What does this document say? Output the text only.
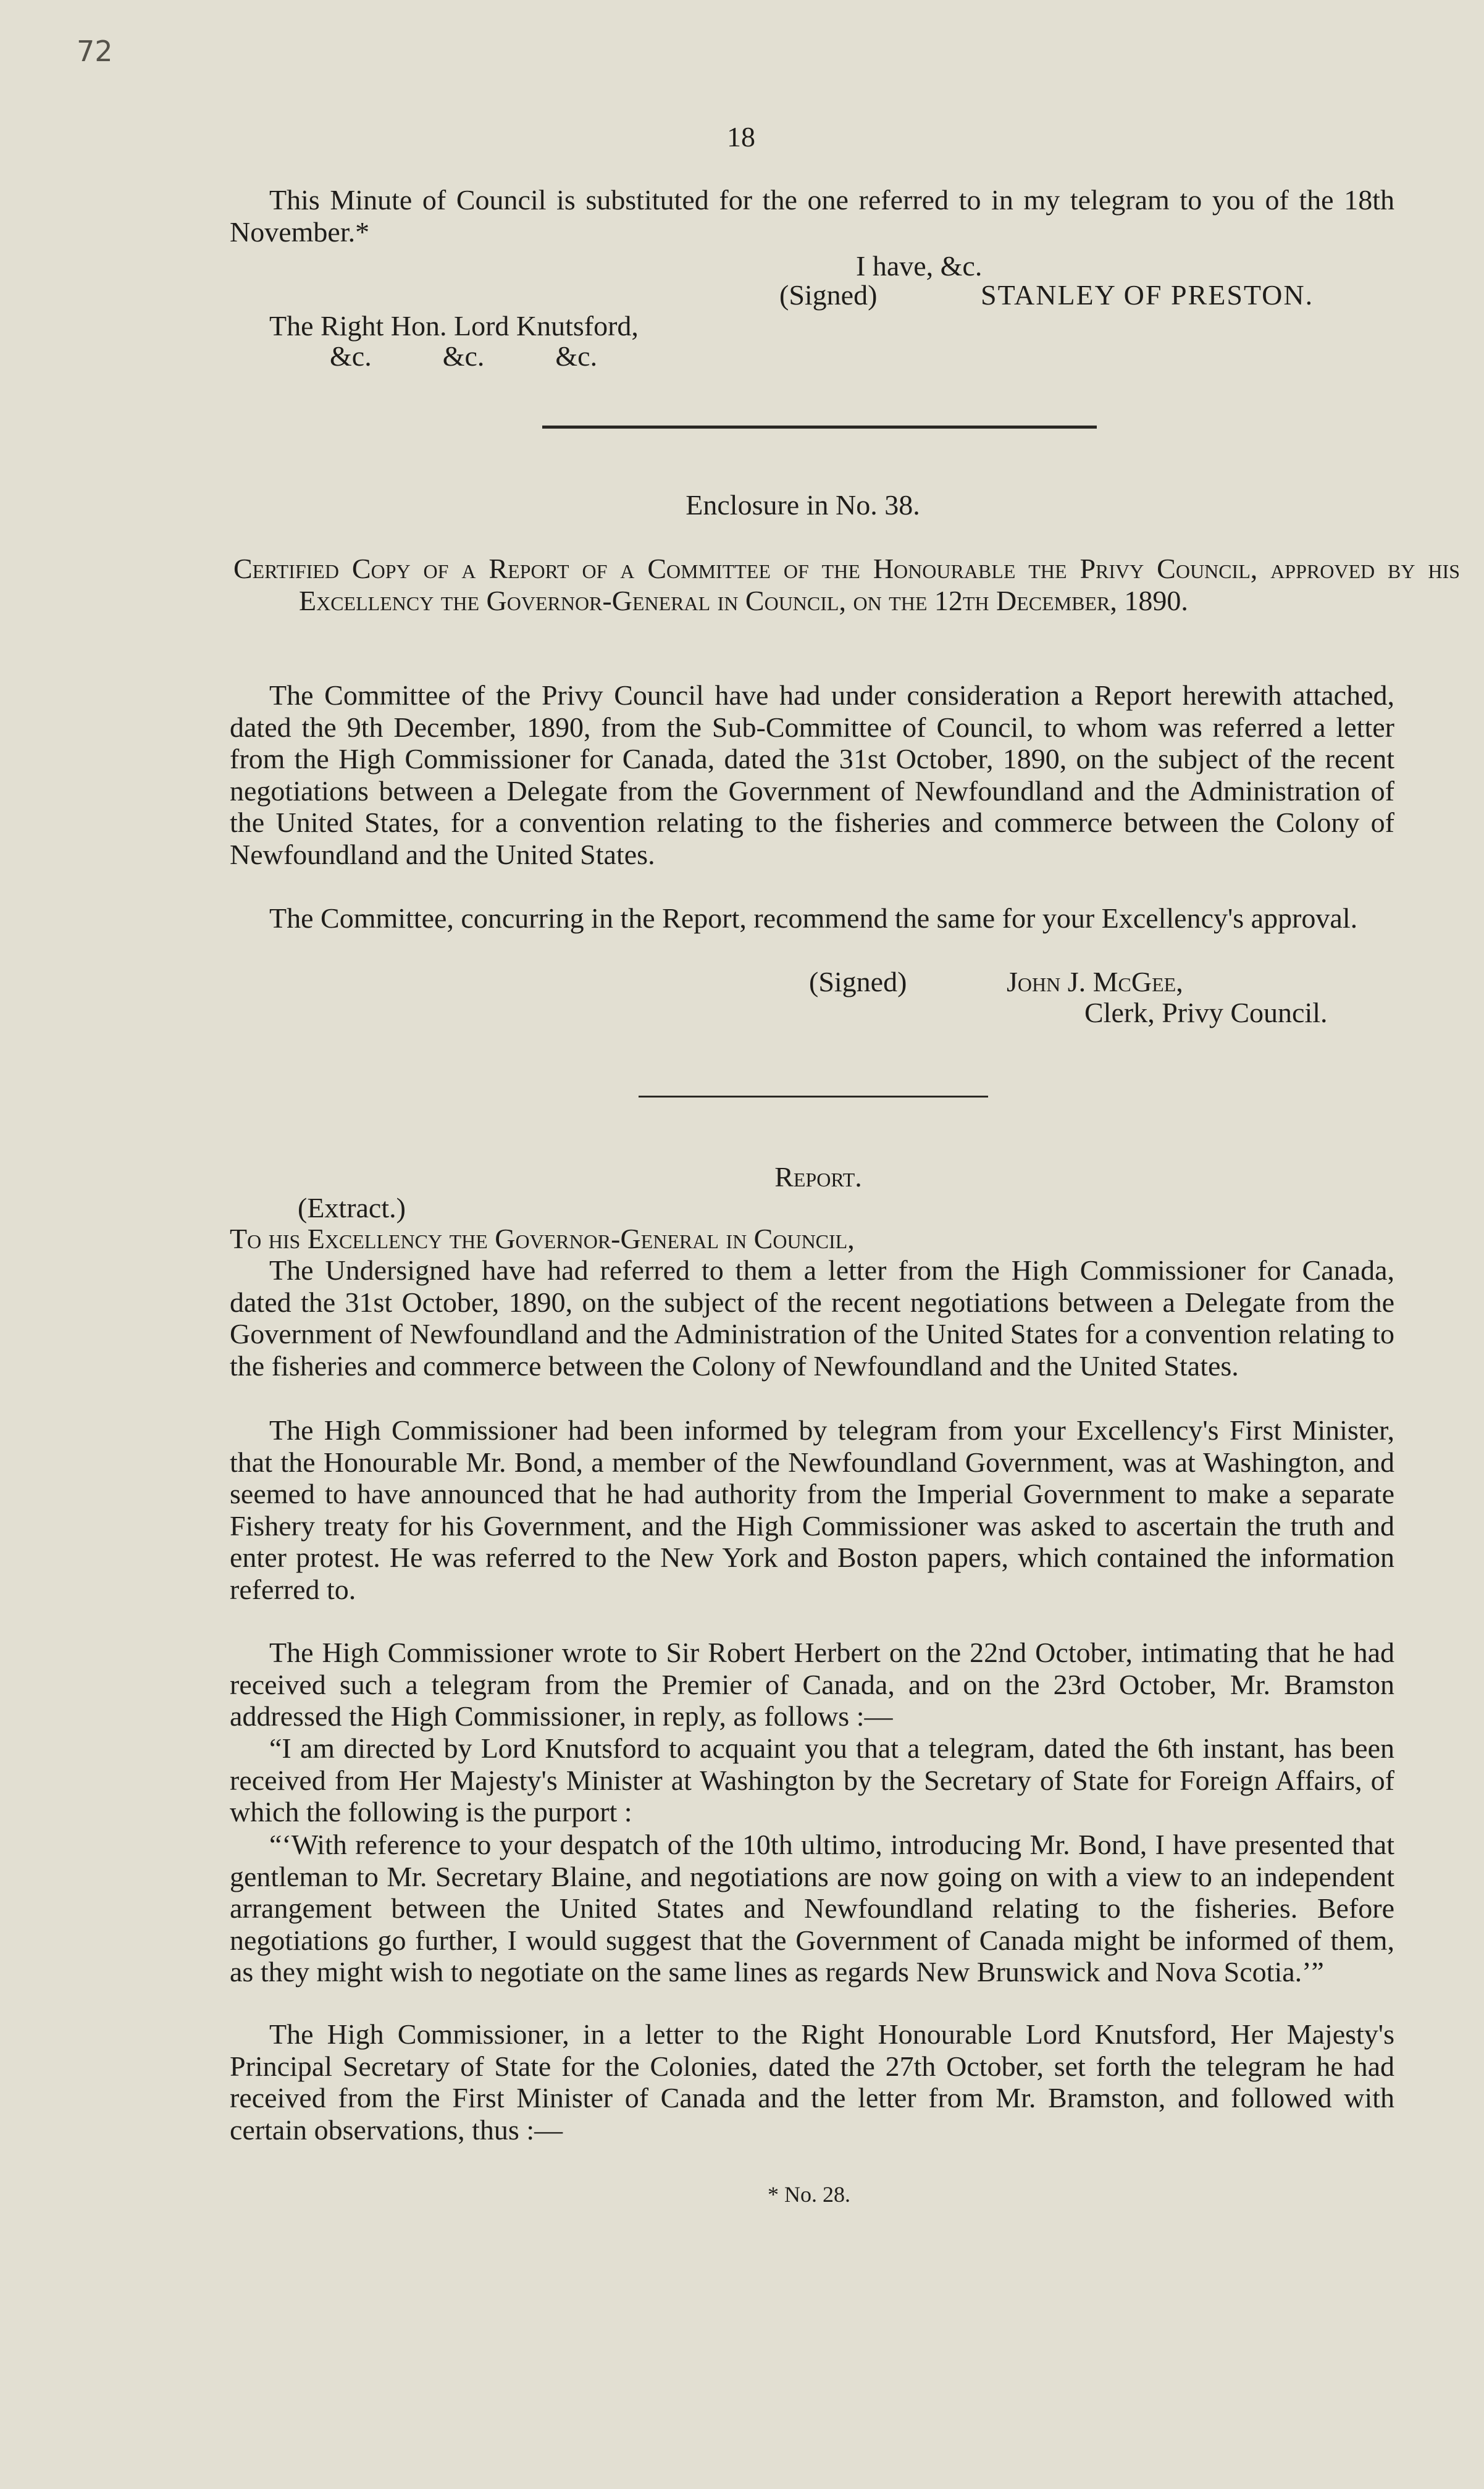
72
18

This Minute of Council is substituted for the one referred to in my telegram to you of the 18th November.*

I have, &c.
(Signed)	STANLEY OF PRESTON.
The Right Hon. Lord Knutsford,
&c.          &c.          &c.
Enclosure in No. 38.

Certified Copy of a Report of a Committee of the Honourable the Privy Council, approved by his Excellency the Governor-General in Council, on the 12th December, 1890.

The Committee of the Privy Council have had under consideration a Report herewith attached, dated the 9th December, 1890, from the Sub-Committee of Council, to whom was referred a letter from the High Commissioner for Canada, dated the 31st October, 1890, on the subject of the recent negotiations between a Delegate from the Government of Newfoundland and the Administration of the United States, for a convention relating to the fisheries and commerce between the Colony of Newfoundland and the United States.

The Committee, concurring in the Report, recommend the same for your Excellency's approval.

(Signed)	John J. McGee,
Clerk, Privy Council.
Report.
(Extract.)
To his Excellency the Governor-General in Council,

The Undersigned have had referred to them a letter from the High Commissioner for Canada, dated the 31st October, 1890, on the subject of the recent negotiations between a Delegate from the Government of Newfoundland and the Administration of the United States for a convention relating to the fisheries and commerce between the Colony of Newfoundland and the United States.

The High Commissioner had been informed by telegram from your Excellency's First Minister, that the Honourable Mr. Bond, a member of the Newfoundland Government, was at Washington, and seemed to have announced that he had authority from the Imperial Government to make a separate Fishery treaty for his Government, and the High Commissioner was asked to ascertain the truth and enter protest. He was referred to the New York and Boston papers, which contained the information referred to.

The High Commissioner wrote to Sir Robert Herbert on the 22nd October, intimating that he had received such a telegram from the Premier of Canada, and on the 23rd October, Mr. Bramston addressed the High Commissioner, in reply, as follows :—

“I am directed by Lord Knutsford to acquaint you that a telegram, dated the 6th instant, has been received from Her Majesty's Minister at Washington by the Secretary of State for Foreign Affairs, of which the following is the purport :

“‘With reference to your despatch of the 10th ultimo, introducing Mr. Bond, I have presented that gentleman to Mr. Secretary Blaine, and negotiations are now going on with a view to an independent arrangement between the United States and Newfoundland relating to the fisheries. Before negotiations go further, I would suggest that the Government of Canada might be informed of them, as they might wish to negotiate on the same lines as regards New Brunswick and Nova Scotia.’”

The High Commissioner, in a letter to the Right Honourable Lord Knutsford, Her Majesty's Principal Secretary of State for the Colonies, dated the 27th October, set forth the telegram he had received from the First Minister of Canada and the letter from Mr. Bramston, and followed with certain observations, thus :—

* No. 28.
